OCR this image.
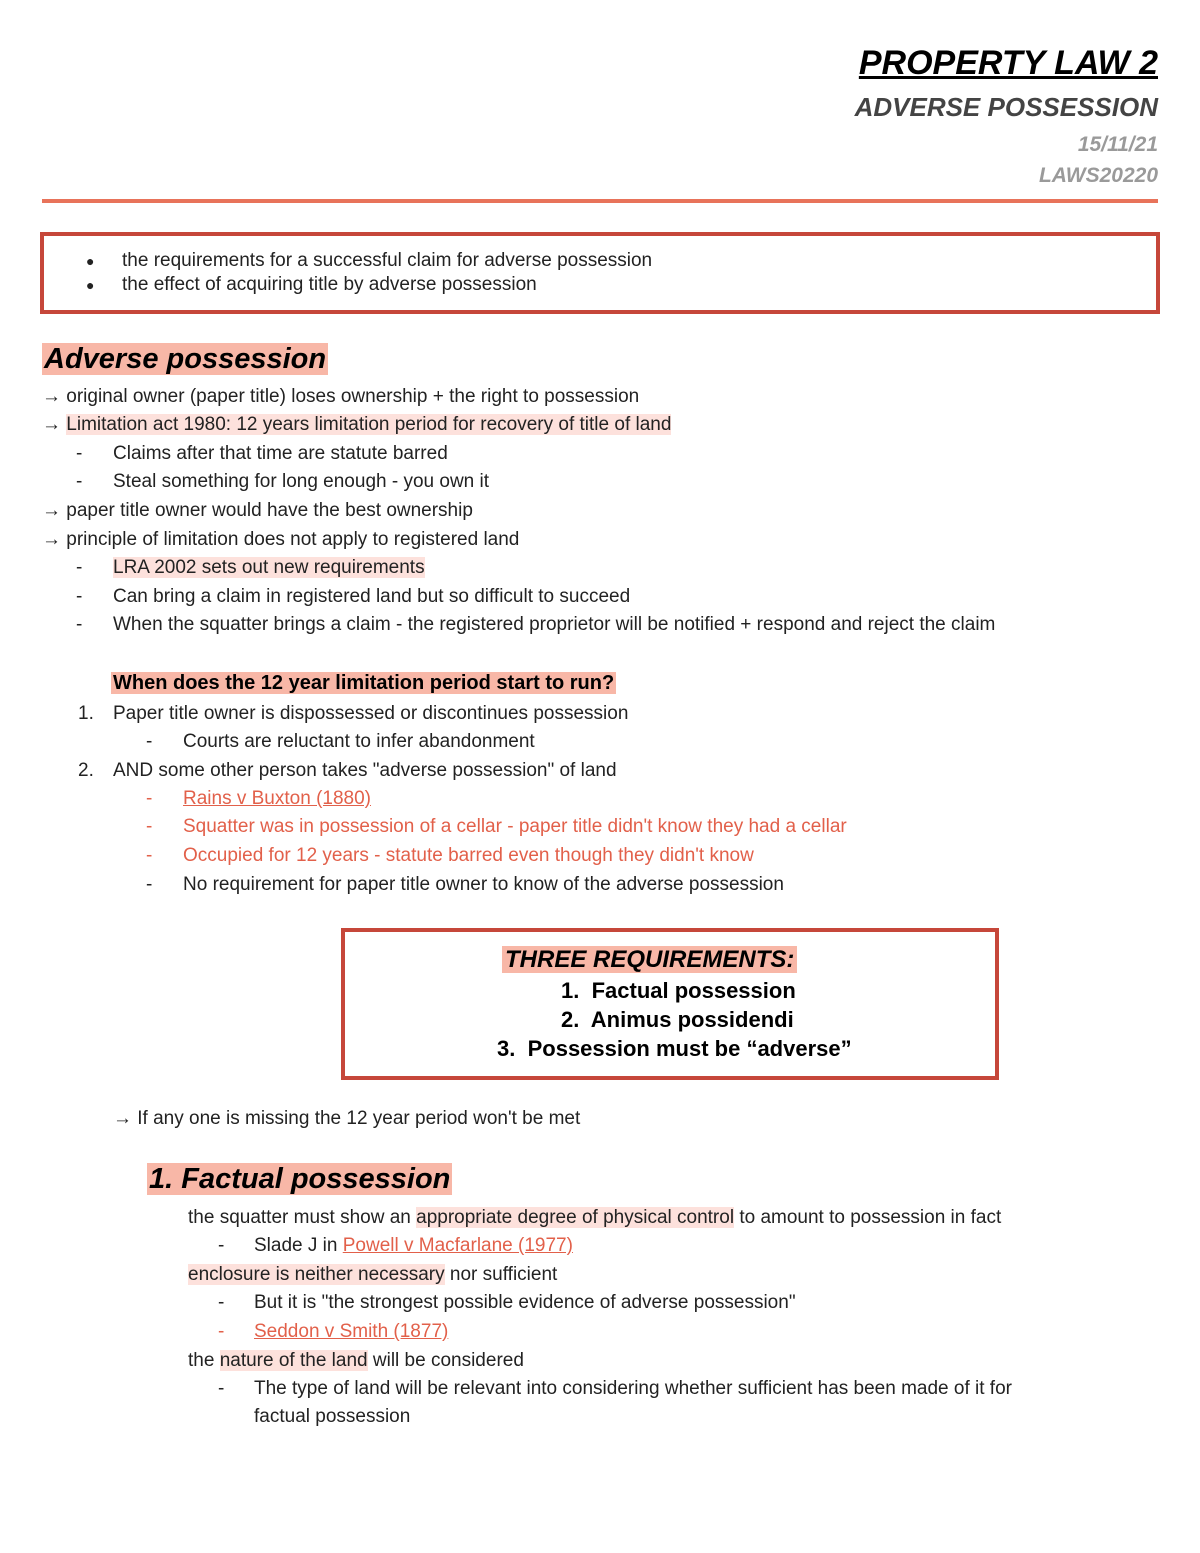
PROPERTY LAW 2
ADVERSE POSSESSION
15/11/21
LAWS20220
● the requirements for a successful claim for adverse possession
● the effect of acquiring title by adverse possession
Adverse possession
→ original owner (paper title) loses ownership + the right to possession
→ Limitation act 1980: 12 years limitation period for recovery of title of land
- Claims after that time are statute barred
- Steal something for long enough - you own it
→ paper title owner would have the best ownership
→ principle of limitation does not apply to registered land
- LRA 2002 sets out new requirements
- Can bring a claim in registered land but so difficult to succeed
- When the squatter brings a claim - the registered proprietor will be notified + respond and reject the claim
When does the 12 year limitation period start to run?
1. Paper title owner is dispossessed or discontinues possession
- Courts are reluctant to infer abandonment
2. AND some other person takes "adverse possession" of land
- Rains v Buxton (1880)
- Squatter was in possession of a cellar - paper title didn't know they had a cellar
- Occupied for 12 years - statute barred even though they didn't know
- No requirement for paper title owner to know of the adverse possession
THREE REQUIREMENTS:
1. Factual possession
2. Animus possidendi
3. Possession must be “adverse”
→ If any one is missing the 12 year period won't be met
1. Factual possession
the squatter must show an appropriate degree of physical control to amount to possession in fact
- Slade J in Powell v Macfarlane (1977)
enclosure is neither necessary nor sufficient
- But it is "the strongest possible evidence of adverse possession"
- Seddon v Smith (1877)
the nature of the land will be considered
- The type of land will be relevant into considering whether sufficient has been made of it for
factual possession
